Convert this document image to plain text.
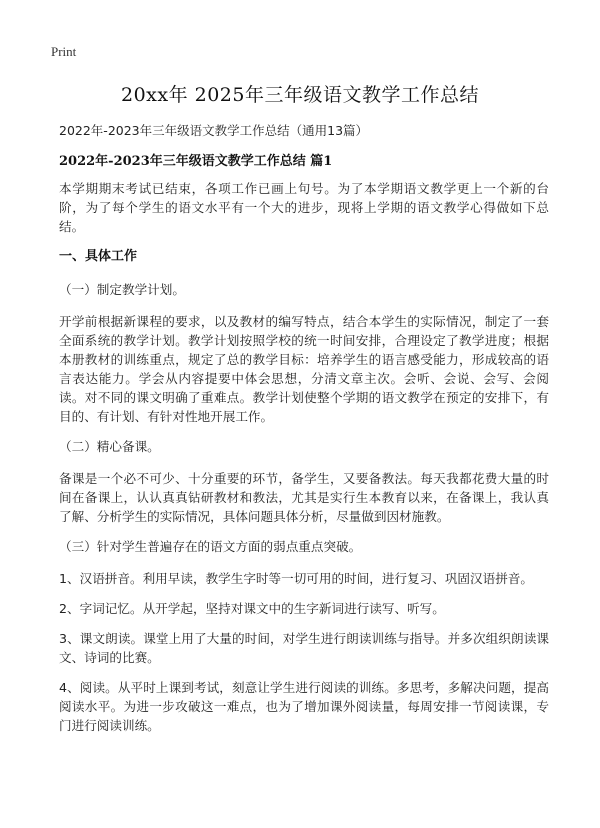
Print
20xx年 2025年三年级语文教学工作总结
2022年-2023年三年级语文教学工作总结（通用13篇）
2022年-2023年三年级语文教学工作总结 篇1

本学期期末考试已结束，各项工作已画上句号。为了本学期语文教学更上一个新的台阶，为了每个学生的语文水平有一个大的进步，现将上学期的语文教学心得做如下总结。

一、具体工作

（一）制定教学计划。

开学前根据新课程的要求，以及教材的编写特点，结合本学生的实际情况，制定了一套全面系统的教学计划。教学计划按照学校的统一时间安排，合理设定了教学进度；根据本册教材的训练重点，规定了总的教学目标：培养学生的语言感受能力，形成较高的语言表达能力。学会从内容提要中体会思想，分清文章主次。会听、会说、会写、会阅读。对不同的课文明确了重难点。教学计划使整个学期的语文教学在预定的安排下，有目的、有计划、有针对性地开展工作。

（二）精心备课。

备课是一个必不可少、十分重要的环节，备学生，又要备教法。每天我都花费大量的时间在备课上，认认真真钻研教材和教法，尤其是实行生本教育以来，在备课上，我认真了解、分析学生的实际情况，具体问题具体分析，尽量做到因材施教。

（三）针对学生普遍存在的语文方面的弱点重点突破。

1、汉语拼音。利用早读，教学生字时等一切可用的时间，进行复习、巩固汉语拼音。

2、字词记忆。从开学起，坚持对课文中的生字新词进行读写、听写。

3、课文朗读。课堂上用了大量的时间，对学生进行朗读训练与指导。并多次组织朗读课文、诗词的比赛。

4、阅读。从平时上课到考试，刻意让学生进行阅读的训练。多思考，多解决问题，提高阅读水平。为进一步攻破这一难点，也为了增加课外阅读量，每周安排一节阅读课，专门进行阅读训练。
